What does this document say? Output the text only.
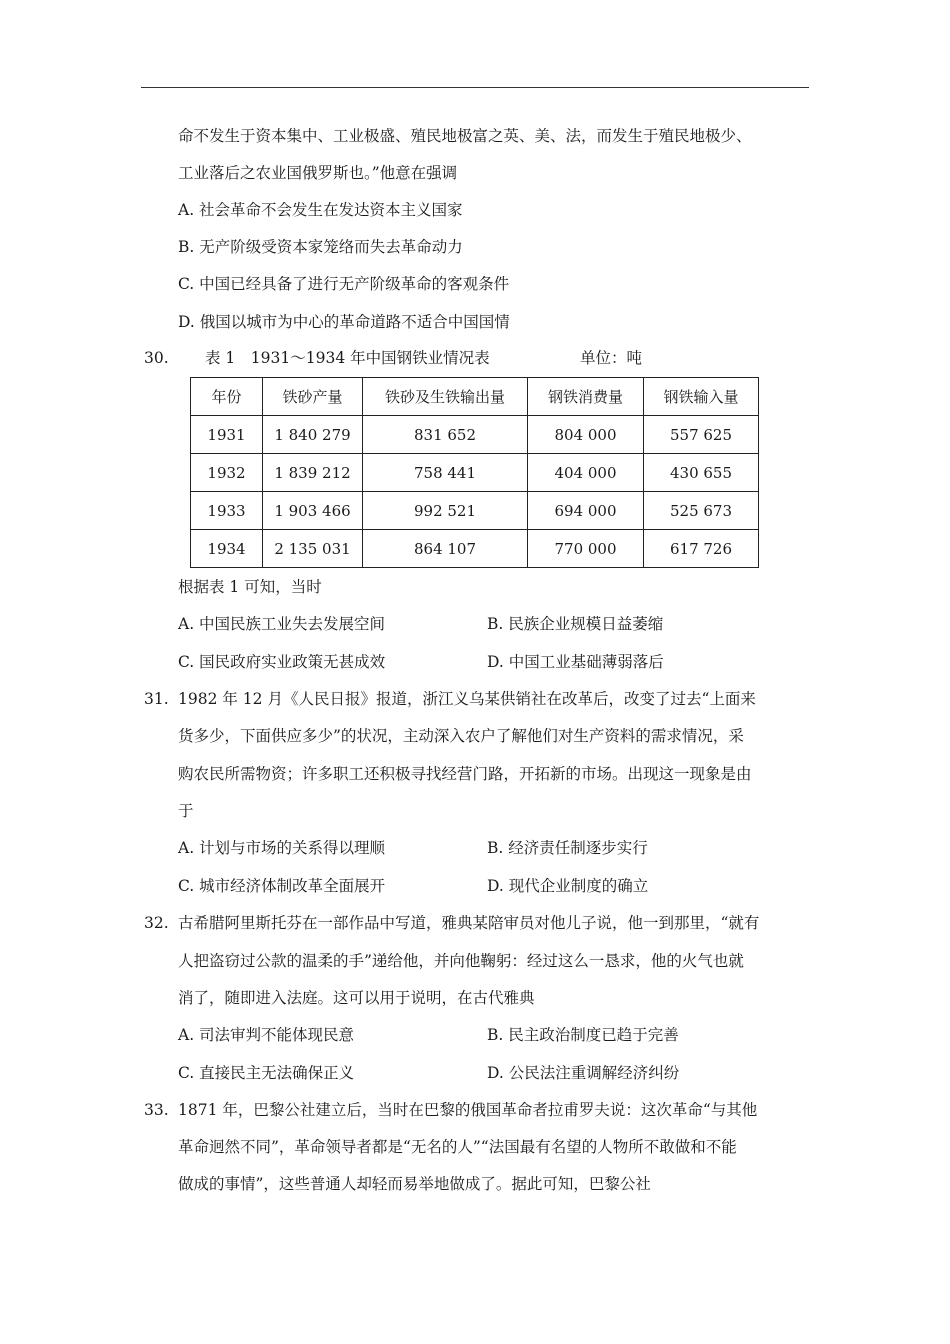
命不发生于资本集中、工业极盛、殖民地极富之英、美、法，而发生于殖民地极少、
工业落后之农业国俄罗斯也。”他意在强调
A. 社会革命不会发生在发达资本主义国家
B. 无产阶级受资本家笼络而失去革命动力
C. 中国已经具备了进行无产阶级革命的客观条件
D. 俄国以城市为中心的革命道路不适合中国国情
30. 表 1　1931～1934 年中国钢铁业情况表	单位：吨
年份	铁砂产量	铁砂及生铁输出量	钢铁消费量	钢铁输入量
1931	1 840 279	831 652	804 000	557 625
1932	1 839 212	758 441	404 000	430 655
1933	1 903 466	992 521	694 000	525 673
1934	2 135 031	864 107	770 000	617 726
根据表 1 可知，当时
A. 中国民族工业失去发展空间	B. 民族企业规模日益萎缩
C. 国民政府实业政策无甚成效	D. 中国工业基础薄弱落后
31. 1982 年 12 月《人民日报》报道，浙江义乌某供销社在改革后，改变了过去“上面来
货多少，下面供应多少”的状况，主动深入农户了解他们对生产资料的需求情况，采
购农民所需物资；许多职工还积极寻找经营门路，开拓新的市场。出现这一现象是由
于
A. 计划与市场的关系得以理顺	B. 经济责任制逐步实行
C. 城市经济体制改革全面展开	D. 现代企业制度的确立
32. 古希腊阿里斯托芬在一部作品中写道，雅典某陪审员对他儿子说，他一到那里，“就有
人把盗窃过公款的温柔的手”递给他，并向他鞠躬：经过这么一恳求，他的火气也就
消了，随即进入法庭。这可以用于说明，在古代雅典
A. 司法审判不能体现民意	B. 民主政治制度已趋于完善
C. 直接民主无法确保正义	D. 公民法注重调解经济纠纷
33. 1871 年，巴黎公社建立后，当时在巴黎的俄国革命者拉甫罗夫说：这次革命“与其他
革命迥然不同”，革命领导者都是“无名的人”“法国最有名望的人物所不敢做和不能
做成的事情”，这些普通人却轻而易举地做成了。据此可知，巴黎公社
